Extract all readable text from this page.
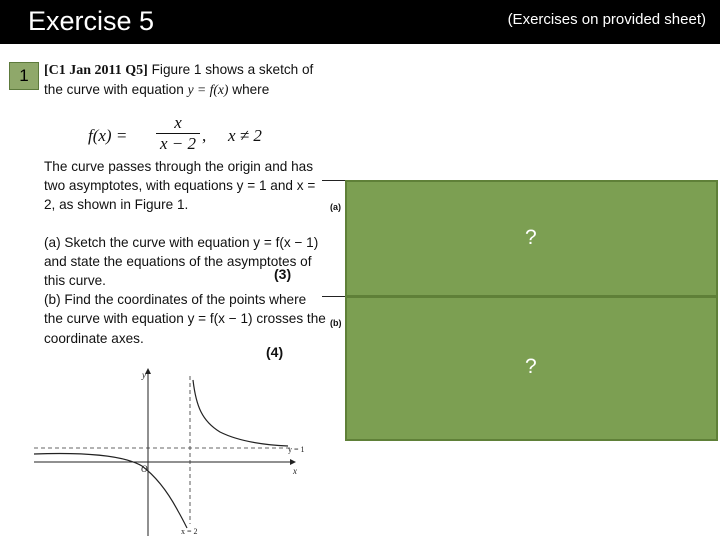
Exercise 5	(Exercises on provided sheet)
1	[C1 Jan 2011 Q5] Figure 1 shows a sketch of the curve with equation y = f(x) where
The curve passes through the origin and has two asymptotes, with equations y = 1 and x = 2, as shown in Figure 1.
(a) Sketch the curve with equation y = f(x − 1) and state the equations of the asymptotes of this curve.
(b) Find the coordinates of the points where the curve with equation y = f(x − 1) crosses the coordinate axes.
f(x) =
x
x − 2 , x ≠ 2
(3)
(4)
(a)
?
(b)
?
y
x
O
y = 1
x = 2
